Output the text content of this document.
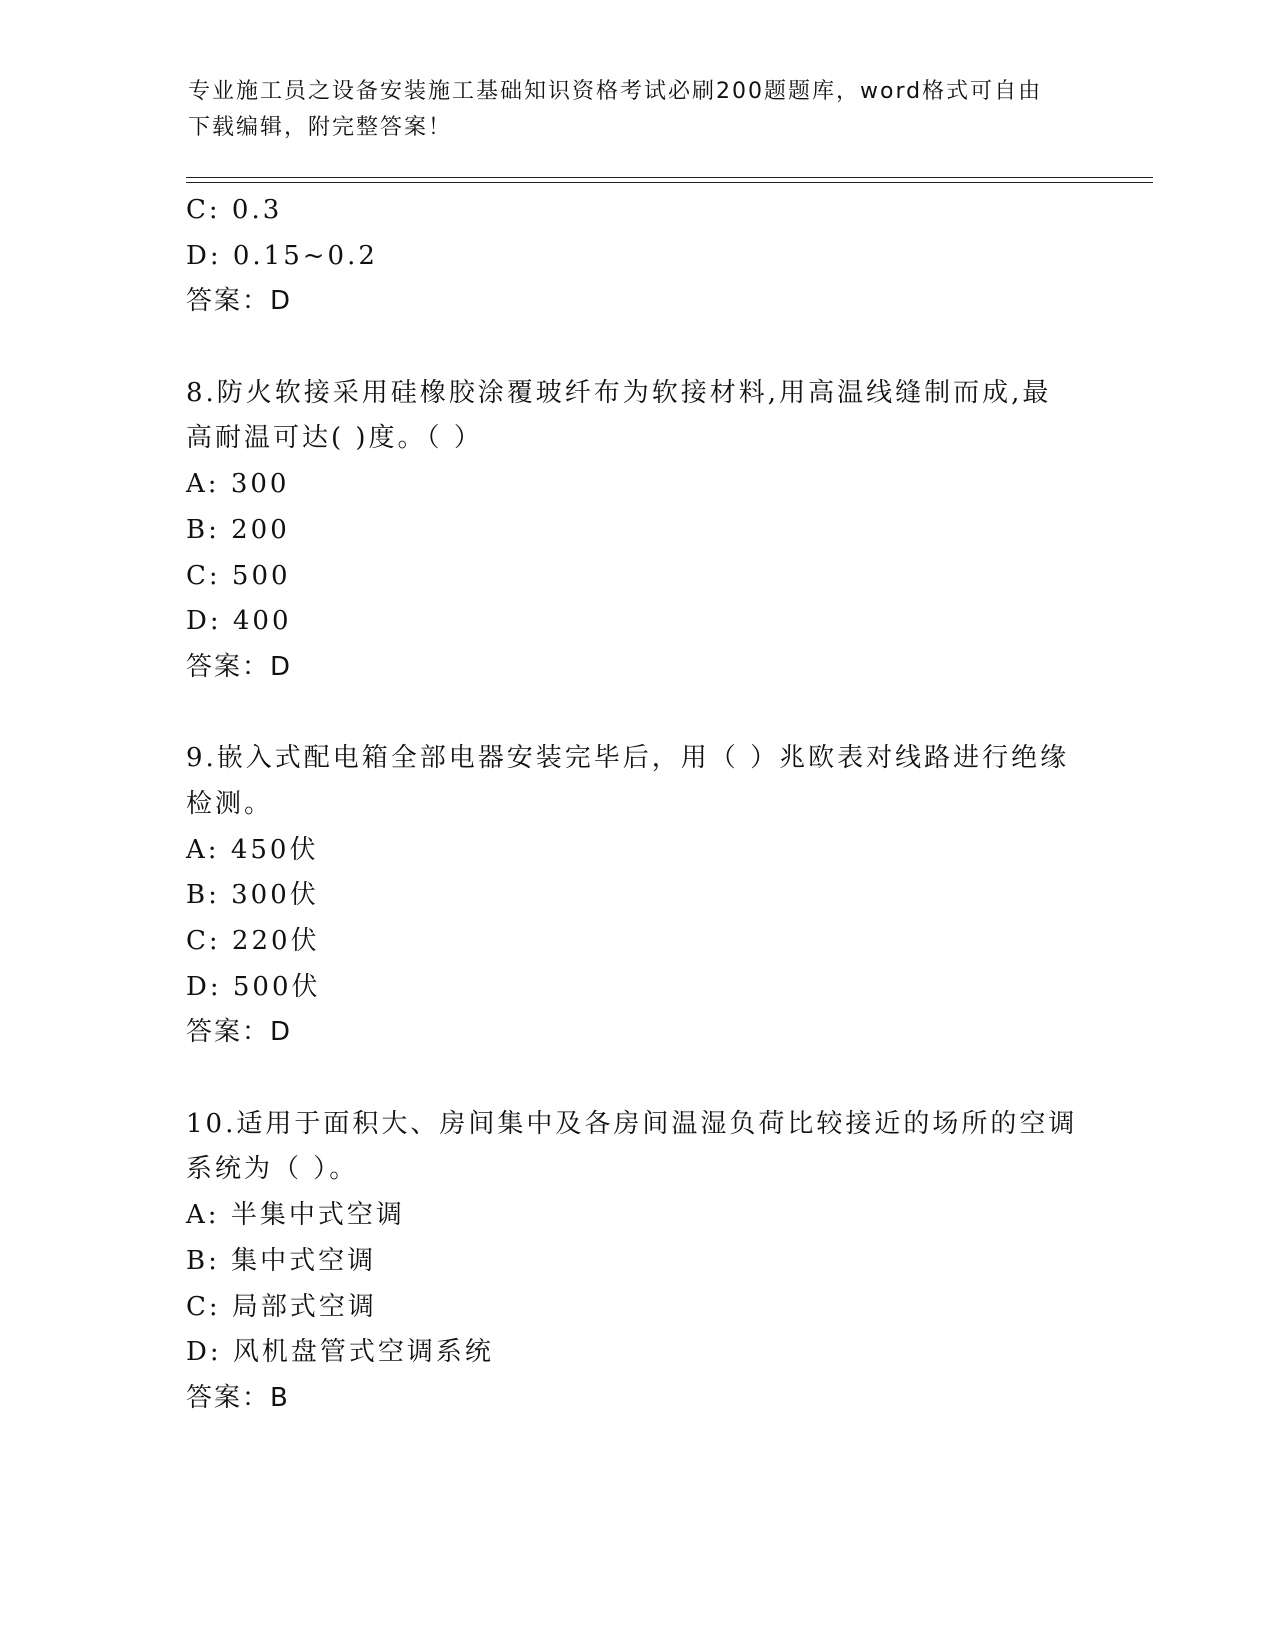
专业施工员之设备安装施工基础知识资格考试必刷200题题库，word格式可自由
下载编辑，附完整答案！
C: 0.3
D: 0.15~0.2
答案：D
8.防火软接采用硅橡胶涂覆玻纤布为软接材料,用高温线缝制而成,最
高耐温可达( )度。（ ）
A: 300
B: 200
C: 500
D: 400
答案：D
9.嵌入式配电箱全部电器安装完毕后，用（ ）兆欧表对线路进行绝缘
检测。
A: 450伏
B: 300伏
C: 220伏
D: 500伏
答案：D
10.适用于面积大、房间集中及各房间温湿负荷比较接近的场所的空调
系统为（ ）。
A: 半集中式空调
B: 集中式空调
C: 局部式空调
D: 风机盘管式空调系统
答案：B
